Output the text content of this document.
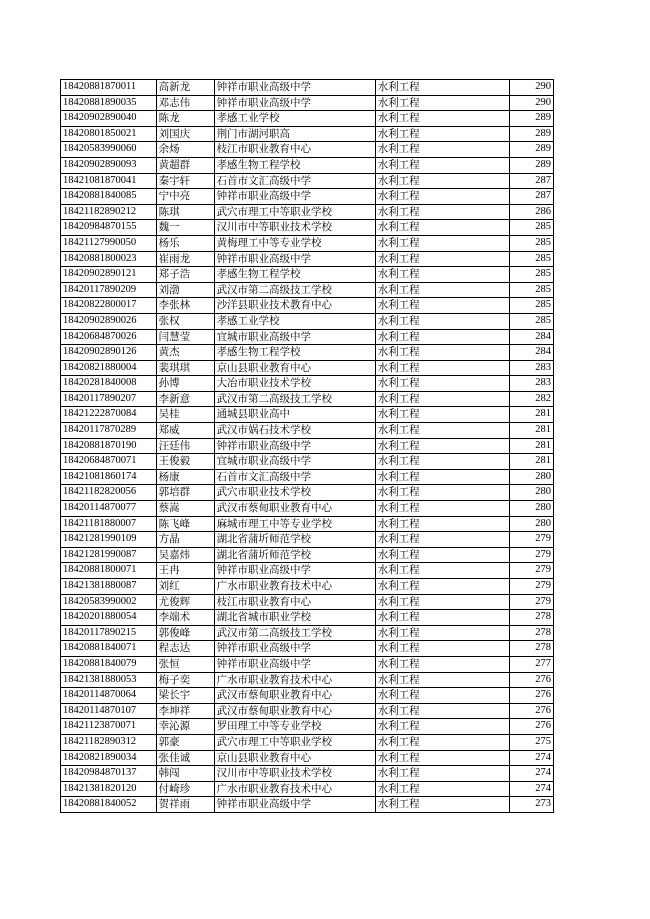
18420881870011	高新龙	钟祥市职业高级中学	水利工程	290
18420881890035	邓志伟	钟祥市职业高级中学	水利工程	290
18420902890040	陈龙	孝感工业学校	水利工程	289
18420801850021	刘国庆	荆门市湖河职高	水利工程	289
18420583990060	余炀	枝江市职业教育中心	水利工程	289
18420902890093	黄超群	孝感生物工程学校	水利工程	289
18421081870041	秦宇轩	石首市文汇高级中学	水利工程	287
18420881840085	宁中亮	钟祥市职业高级中学	水利工程	287
18421182890212	陈琪	武穴市理工中等职业学校	水利工程	286
18420984870155	魏一	汉川市中等职业技术学校	水利工程	285
18421127990050	杨乐	黄梅理工中等专业学校	水利工程	285
18420881800023	崔雨龙	钟祥市职业高级中学	水利工程	285
18420902890121	郑子浩	孝感生物工程学校	水利工程	285
18420117890209	刘渤	武汉市第二高级技工学校	水利工程	285
18420822800017	李张林	沙洋县职业技术教育中心	水利工程	285
18420902890026	张权	孝感工业学校	水利工程	285
18420684870026	闫慧莹	宜城市职业高级中学	水利工程	284
18420902890126	黄杰	孝感生物工程学校	水利工程	284
18420821880004	裴琪琪	京山县职业教育中心	水利工程	283
18420281840008	孙博	大冶市职业技术学校	水利工程	283
18420117890207	李新意	武汉市第二高级技工学校	水利工程	282
18421222870084	吴桂	通城县职业高中	水利工程	281
18420117870289	郑威	武汉市娲石技术学校	水利工程	281
18420881870190	汪廷伟	钟祥市职业高级中学	水利工程	281
18420684870071	王俊毅	宜城市职业高级中学	水利工程	281
18421081860174	杨康	石首市文汇高级中学	水利工程	280
18421182820056	郭培群	武穴市职业技术学校	水利工程	280
18420114870077	蔡嵩	武汉市蔡甸职业教育中心	水利工程	280
18421181880007	陈飞峰	麻城市理工中等专业学校	水利工程	280
18421281990109	方晶	湖北省蒲圻师范学校	水利工程	279
18421281990087	吴嘉炜	湖北省蒲圻师范学校	水利工程	279
18420881800071	王冉	钟祥市职业高级中学	水利工程	279
18421381880087	刘红	广水市职业教育技术中心	水利工程	279
18420583990002	尤俊辉	枝江市职业教育中心	水利工程	279
18420201880054	李端术	湖北省城市职业学校	水利工程	278
18420117890215	郭俊峰	武汉市第二高级技工学校	水利工程	278
18420881840071	程志达	钟祥市职业高级中学	水利工程	278
18420881840079	张恒	钟祥市职业高级中学	水利工程	277
18421381880053	梅子奕	广水市职业教育技术中心	水利工程	276
18420114870064	梁长宇	武汉市蔡甸职业教育中心	水利工程	276
18420114870107	李坤祥	武汉市蔡甸职业教育中心	水利工程	276
18421123870071	幸沁源	罗田理工中等专业学校	水利工程	276
18421182890312	郭豪	武穴市理工中等职业学校	水利工程	275
18420821890034	张佳诚	京山县职业教育中心	水利工程	274
18420984870137	韩闯	汉川市中等职业技术学校	水利工程	274
18421381820120	付崎珍	广水市职业教育技术中心	水利工程	274
18420881840052	贺祥雨	钟祥市职业高级中学	水利工程	273
